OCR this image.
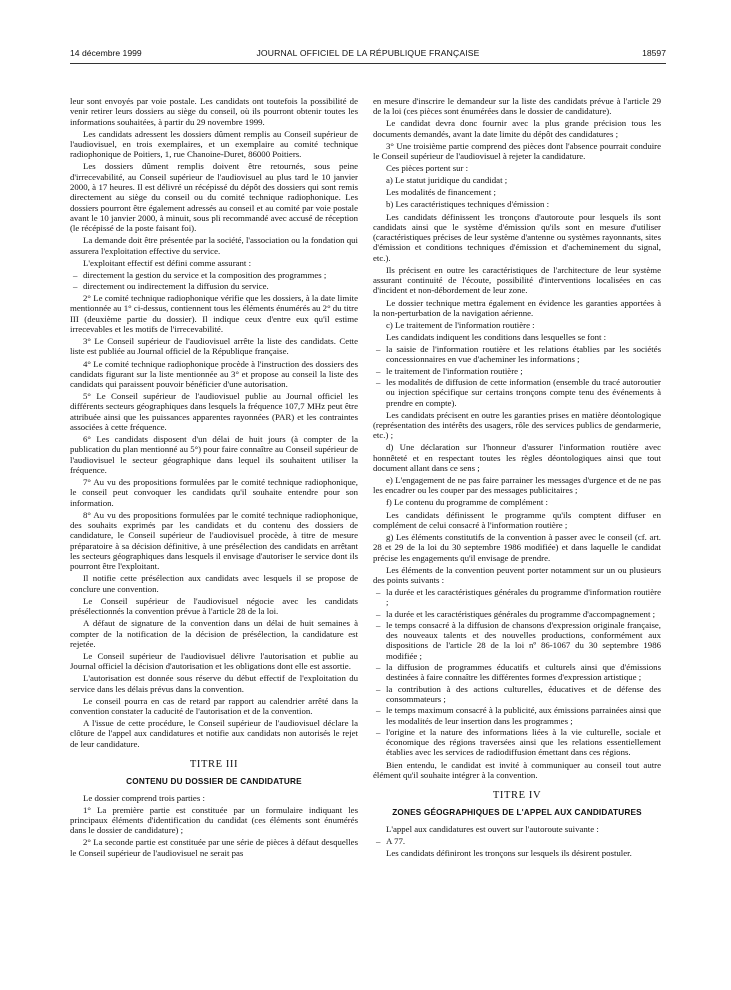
14 décembre 1999	JOURNAL OFFICIEL DE LA RÉPUBLIQUE FRANÇAISE	18597

leur sont envoyés par voie postale. Les candidats ont toutefois la possibilité de venir retirer leurs dossiers au siège du conseil, où ils pourront obtenir toutes les informations souhaitées, à partir du 29 novembre 1999.

Les candidats adressent les dossiers dûment remplis au Conseil supérieur de l'audiovisuel, en trois exemplaires, et un exemplaire au comité technique radiophonique de Poitiers, 1, rue Chanoine-Duret, 86000 Poitiers.

Les dossiers dûment remplis doivent être retournés, sous peine d'irrecevabilité, au Conseil supérieur de l'audiovisuel au plus tard le 10 janvier 2000, à 17 heures. Il est délivré un récépissé du dépôt des dossiers qui sont remis directement au siège du conseil ou du comité technique radiophonique. Les dossiers pourront être également adressés au conseil et au comité par voie postale avant le 10 janvier 2000, à minuit, sous pli recommandé avec accusé de réception (le récépissé de la poste faisant foi).

La demande doit être présentée par la société, l'association ou la fondation qui assurera l'exploitation effective du service.

L'exploitant effectif est défini comme assurant :

– directement la gestion du service et la composition des programmes ;
– directement ou indirectement la diffusion du service.

2° Le comité technique radiophonique vérifie que les dossiers, à la date limite mentionnée au 1° ci-dessus, contiennent tous les éléments énumérés au 2° du titre III (deuxième partie du dossier). Il indique ceux d'entre eux qu'il estime irrecevables et les motifs de l'irrecevabilité.

3° Le Conseil supérieur de l'audiovisuel arrête la liste des candidats. Cette liste est publiée au Journal officiel de la République française.

4° Le comité technique radiophonique procède à l'instruction des dossiers des candidats figurant sur la liste mentionnée au 3° et propose au conseil la liste des candidats qui paraissent pouvoir bénéficier d'une autorisation.

5° Le Conseil supérieur de l'audiovisuel publie au Journal officiel les différents secteurs géographiques dans lesquels la fréquence 107,7 MHz peut être attribuée ainsi que les puissances apparentes rayonnées (PAR) et les contraintes associées à cette fréquence.

6° Les candidats disposent d'un délai de huit jours (à compter de la publication du plan mentionné au 5°) pour faire connaître au Conseil supérieur de l'audiovisuel le secteur géographique dans lequel ils souhaitent utiliser la fréquence.

7° Au vu des propositions formulées par le comité technique radiophonique, le conseil peut convoquer les candidats qu'il souhaite entendre pour son information.

8° Au vu des propositions formulées par le comité technique radiophonique, des souhaits exprimés par les candidats et du contenu des dossiers de candidature, le Conseil supérieur de l'audiovisuel procède, à titre de mesure préparatoire à sa décision définitive, à une présélection des candidats en arrêtant les secteurs géographiques dans lesquels il envisage d'autoriser le service dont ils pourront être l'exploitant.

Il notifie cette présélection aux candidats avec lesquels il se propose de conclure une convention.

Le Conseil supérieur de l'audiovisuel négocie avec les candidats présélectionnés la convention prévue à l'article 28 de la loi.

A défaut de signature de la convention dans un délai de huit semaines à compter de la notification de la décision de présélection, la candidature est rejetée.

Le Conseil supérieur de l'audiovisuel délivre l'autorisation et publie au Journal officiel la décision d'autorisation et les obligations dont elle est assortie.

L'autorisation est donnée sous réserve du début effectif de l'exploitation du service dans les délais prévus dans la convention.

Le conseil pourra en cas de retard par rapport au calendrier arrêté dans la convention constater la caducité de l'autorisation et de la convention.

A l'issue de cette procédure, le Conseil supérieur de l'audiovisuel déclare la clôture de l'appel aux candidatures et notifie aux candidats non autorisés le rejet de leur candidature.

TITRE III
CONTENU DU DOSSIER DE CANDIDATURE

Le dossier comprend trois parties :

1° La première partie est constituée par un formulaire indiquant les principaux éléments d'identification du candidat (ces éléments sont énumérés dans le dossier de candidature) ;

2° La seconde partie est constituée par une série de pièces à défaut desquelles le Conseil supérieur de l'audiovisuel ne serait pas

en mesure d'inscrire le demandeur sur la liste des candidats prévue à l'article 29 de la loi (ces pièces sont énumérées dans le dossier de candidature).

Le candidat devra donc fournir avec la plus grande précision tous les documents demandés, avant la date limite du dépôt des candidatures ;

3° Une troisième partie comprend des pièces dont l'absence pourrait conduire le Conseil supérieur de l'audiovisuel à rejeter la candidature.

Ces pièces portent sur :

a) Le statut juridique du candidat ;

Les modalités de financement ;

b) Les caractéristiques techniques d'émission :

Les candidats définissent les tronçons d'autoroute pour lesquels ils sont candidats ainsi que le système d'émission qu'ils sont en mesure d'utiliser (caractéristiques précises de leur système d'antenne ou systèmes rayonnants, sites d'émission et conditions techniques d'émission et d'acheminement du signal, etc.).

Ils précisent en outre les caractéristiques de l'architecture de leur système assurant continuité de l'écoute, possibilité d'interventions localisées en cas d'incident et non-débordement de leur zone.

Le dossier technique mettra également en évidence les garanties apportées à la non-perturbation de la navigation aérienne.

c) Le traitement de l'information routière :

Les candidats indiquent les conditions dans lesquelles se font :

– la saisie de l'information routière et les relations établies par les sociétés concessionnaires en vue d'acheminer les informations ;
– le traitement de l'information routière ;
– les modalités de diffusion de cette information (ensemble du tracé autoroutier ou injection spécifique sur certains tronçons compte tenu des événements à prendre en compte).

Les candidats précisent en outre les garanties prises en matière déontologique (représentation des intérêts des usagers, rôle des services publics de gendarmerie, etc.) ;

d) Une déclaration sur l'honneur d'assurer l'information routière avec honnêteté et en respectant toutes les règles déontologiques ainsi que tout document allant dans ce sens ;

e) L'engagement de ne pas faire parrainer les messages d'urgence et de ne pas les encadrer ou les couper par des messages publicitaires ;

f) Le contenu du programme de complément :

Les candidats définissent le programme qu'ils comptent diffuser en complément de celui consacré à l'information routière ;

g) Les éléments constitutifs de la convention à passer avec le conseil (cf. art. 28 et 29 de la loi du 30 septembre 1986 modifiée) et dans laquelle le candidat précise les engagements qu'il envisage de prendre.

Les éléments de la convention peuvent porter notamment sur un ou plusieurs des points suivants :

– la durée et les caractéristiques générales du programme d'information routière ;
– la durée et les caractéristiques générales du programme d'accompagnement ;
– le temps consacré à la diffusion de chansons d'expression originale française, des nouveaux talents et des nouvelles productions, conformément aux dispositions de l'article 28 de la loi nº 86-1067 du 30 septembre 1986 modifiée ;
– la diffusion de programmes éducatifs et culturels ainsi que d'émissions destinées à faire connaître les différentes formes d'expression artistique ;
– la contribution à des actions culturelles, éducatives et de défense des consommateurs ;
– le temps maximum consacré à la publicité, aux émissions parrainées ainsi que les modalités de leur insertion dans les programmes ;
– l'origine et la nature des informations liées à la vie culturelle, sociale et économique des régions traversées ainsi que les relations essentiellement établies avec les services de radiodiffusion émettant dans ces régions.

Bien entendu, le candidat est invité à communiquer au conseil tout autre élément qu'il souhaite intégrer à la convention.

TITRE IV
ZONES GÉOGRAPHIQUES DE L'APPEL AUX CANDIDATURES

L'appel aux candidatures est ouvert sur l'autoroute suivante :

– A 77.

Les candidats définiront les tronçons sur lesquels ils désirent postuler.
